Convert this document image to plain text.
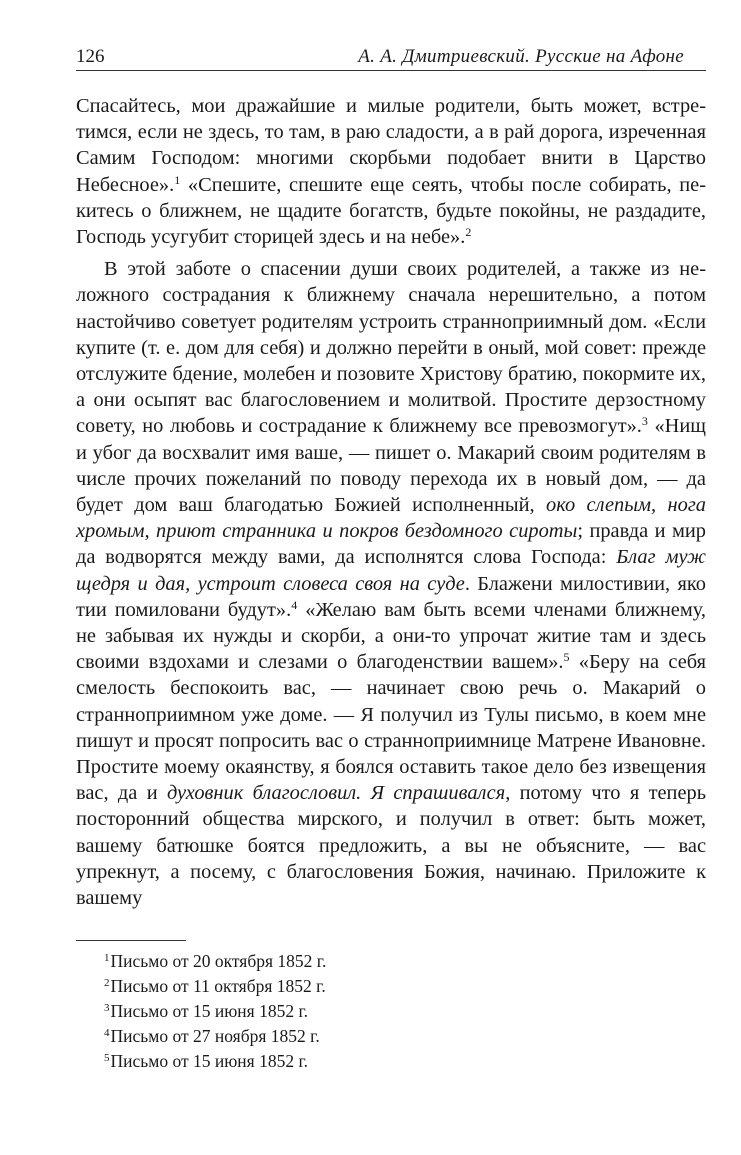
126	А. А. Дмитриевский. Русские на Афоне

Спасайтесь, мои дражайшие и милые родители, быть может, встретимся, если не здесь, то там, в раю сладости, а в рай дорога, изреченная Самим Господом: многими скорбьми подобает внити в Царство Небесное».$^1$ «Спешите, спешите еще сеять, чтобы после собирать, пекитесь о ближнем, не щадите богатств, будьте покойны, не раздадите, Господь усугубит сторицей здесь и на небе».$^2$

В этой заботе о спасении души своих родителей, а также из неложного сострадания к ближнему сначала нерешительно, а потом настойчиво советует родителям устроить странноприимный дом. «Если купите (т. е. дом для себя) и должно перейти в оный, мой совет: прежде отслужите бдение, молебен и позовите Христову братию, покормите их, а они осыпят вас благословением и молитвой. Простите дерзостному совету, но любовь и сострадание к ближнему все превозмогут».$^3$ «Нищ и убог да восхвалит имя ваше, — пишет о. Макарий своим родителям в числе прочих пожеланий по поводу перехода их в новый дом, — да будет дом ваш благодатью Божией исполненный, око слепым, нога хромым, приют странника и покров бездомного сироты; правда и мир да водворятся между вами, да исполнятся слова Господа: Благ муж щедря и дая, устроит словеса своя на суде. Блажени милостивии, яко тии помиловани будут».$^4$ «Желаю вам быть всеми членами ближнему, не забывая их нужды и скорби, а они-то упрочат житие там и здесь своими вздохами и слезами о благоденствии вашем».$^5$ «Беру на себя смелость беспокоить вас, — начинает свою речь о. Макарий о странноприимном уже доме. — Я получил из Тулы письмо, в коем мне пишут и просят попросить вас о странноприимнице Матрене Ивановне. Простите моему окаянству, я боялся оставить такое дело без извещения вас, да и духовник благословил. Я спрашивался, потому что я теперь посторонний общества мирского, и получил в ответ: быть может, вашему батюшке боятся предложить, а вы не объясните, — вас упрекнут, а посему, с благословения Божия, начинаю. Приложите к вашему

$^1$Письмо от 20 октября 1852 г.
$^2$Письмо от 11 октября 1852 г.
$^3$Письмо от 15 июня 1852 г.
$^4$Письмо от 27 ноября 1852 г.
$^5$Письмо от 15 июня 1852 г.
